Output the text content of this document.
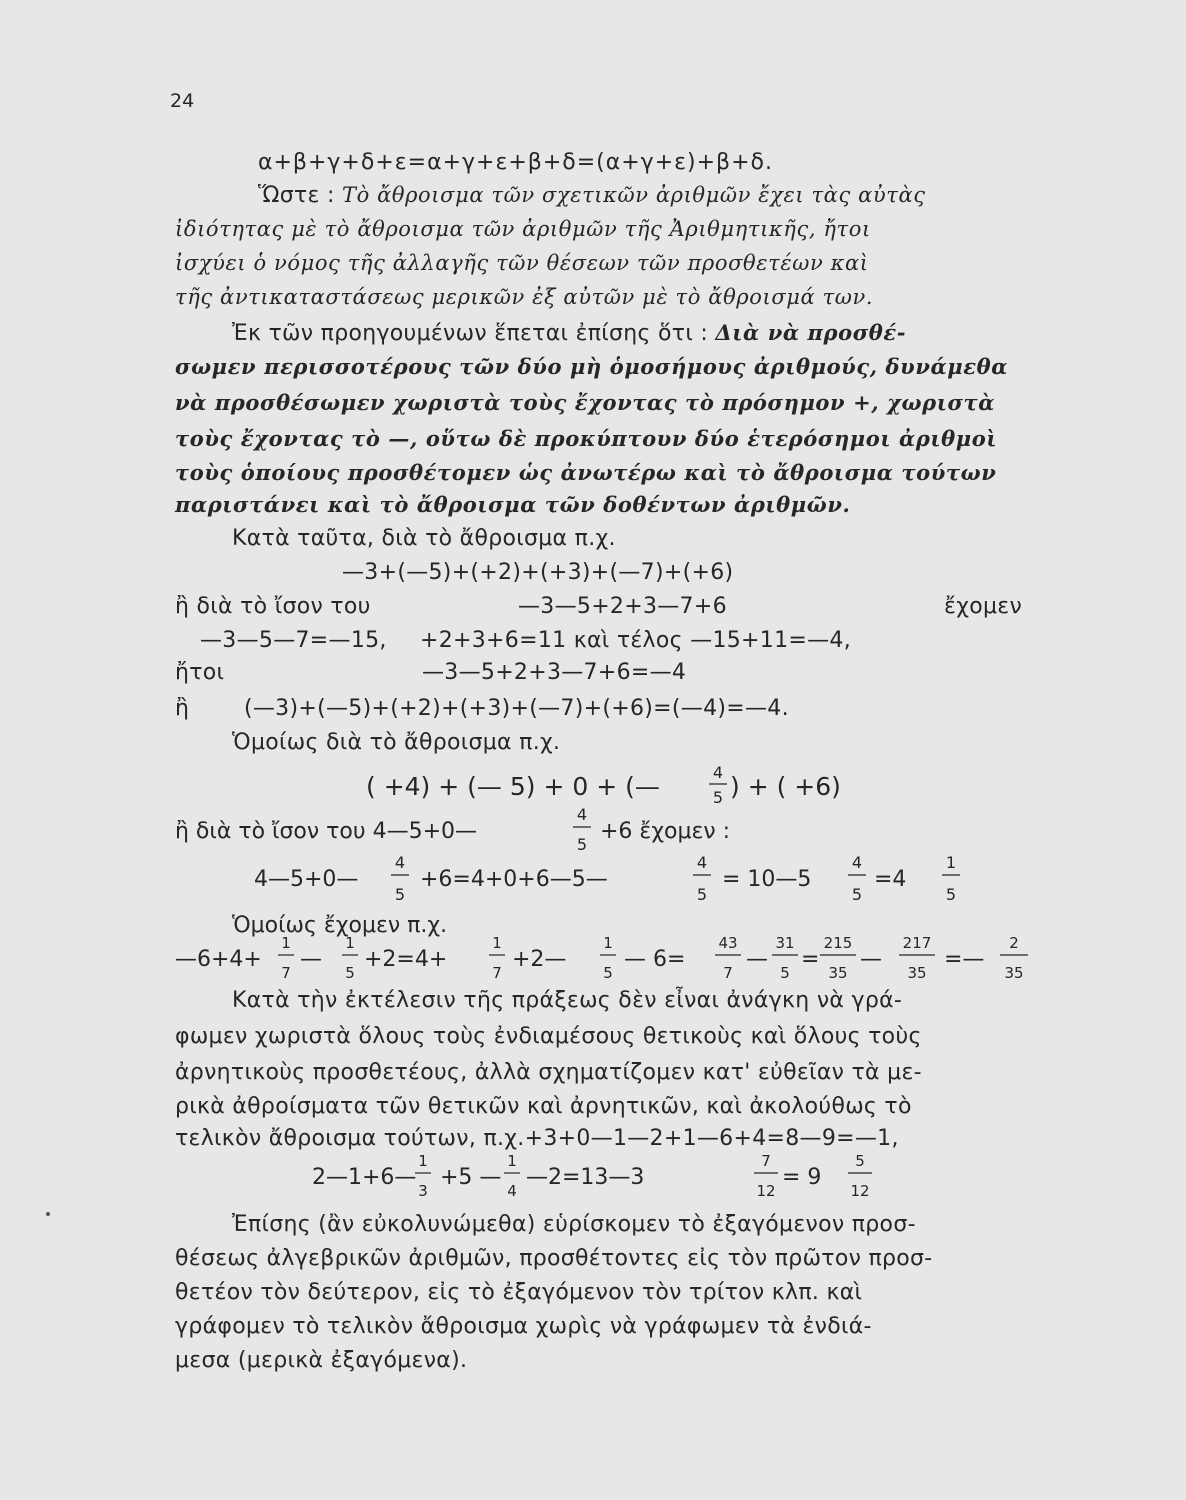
24
α+β+γ+δ+ε=α+γ+ε+β+δ=(α+γ+ε)+β+δ.
Ὥστε : Τὸ ἄθροισμα τῶν σχετικῶν ἀριθμῶν ἔχει τὰς αὐτὰς
ἰδιότητας μὲ τὸ ἄθροισμα τῶν ἀριθμῶν τῆς Ἀριθμητικῆς, ἤτοι
ἰσχύει ὁ νόμος τῆς ἀλλαγῆς τῶν θέσεων τῶν προσθετέων καὶ
τῆς ἀντικαταστάσεως μερικῶν ἐξ αὐτῶν μὲ τὸ ἄθροισμά των.
Ἐκ τῶν προηγουμένων ἕπεται ἐπίσης ὅτι : Διὰ νὰ προσθέ-
σωμεν περισσοτέρους τῶν δύο μὴ ὁμοσήμους ἀριθμούς, δυνάμεθα
νὰ προσθέσωμεν χωριστὰ τοὺς ἔχοντας τὸ πρόσημον +, χωριστὰ
τοὺς ἔχοντας τὸ —, οὕτω δὲ προκύπτουν δύο ἑτερόσημοι ἀριθμοὶ
τοὺς ὁποίους προσθέτομεν ὡς ἀνωτέρω καὶ τὸ ἄθροισμα τούτων
παριστάνει καὶ τὸ ἄθροισμα τῶν δοθέντων ἀριθμῶν.
Κατὰ ταῦτα, διὰ τὸ ἄθροισμα π.χ.
—3+(—5)+(+2)+(+3)+(—7)+(+6)
ἢ διὰ τὸ ἴσον του	—3—5+2+3—7+6	ἔχομεν
—3—5—7=—15, +2+3+6=11 καὶ τέλος —15+11=—4,
ἤτοι	—3—5+2+3—7+6=—4
ἢ (—3)+(—5)+(+2)+(+3)+(—7)+(+6)=(—4)=—4.
Ὁμοίως διὰ τὸ ἄθροισμα π.χ.
( +4) + (— 5) + 0 + (—	4
5 ) + ( +6)
ἢ διὰ τὸ ἴσον του 4—5+0—
4
5
+6 ἔχομεν :
4—5+0—
4
5
+6=4+0+6—5—
4
5
= 10—5
4
5
=4
1
5
Ὁμοίως ἔχομεν π.χ.
—6+4+
1
7
—
1
5
+2=4+
1
7
+2—
1
5
— 6=
43
7
—
31
5
=
215
35
—
217
35
=—
2
35
2—1+6—
1
3
+5 —
1
4
—2=13—3
7
12
= 9
5
12
Κατὰ τὴν ἐκτέλεσιν τῆς πράξεως δὲν εἶναι ἀνάγκη νὰ γρά-
φωμεν χωριστὰ ὅλους τοὺς ἐνδιαμέσους θετικοὺς καὶ ὅλους τοὺς
ἀρνητικοὺς προσθετέους, ἀλλὰ σχηματίζομεν κατ' εὐθεῖαν τὰ με-
ρικὰ ἀθροίσματα τῶν θετικῶν καὶ ἀρνητικῶν, καὶ ἀκολούθως τὸ
τελικὸν ἄθροισμα τούτων, π.χ.+3+0—1—2+1—6+4=8—9=—1,
Ἐπίσης (ἂν εὐκολυνώμεθα) εὑρίσκομεν τὸ ἐξαγόμενον προσ-
θέσεως ἀλγεβρικῶν ἀριθμῶν, προσθέτοντες εἰς τὸν πρῶτον προσ-
θετέον τὸν δεύτερον, εἰς τὸ ἐξαγόμενον τὸν τρίτον κλπ. καὶ
γράφομεν τὸ τελικὸν ἄθροισμα χωρὶς νὰ γράφωμεν τὰ ἐνδιά-
μεσα (μερικὰ ἐξαγόμενα).
